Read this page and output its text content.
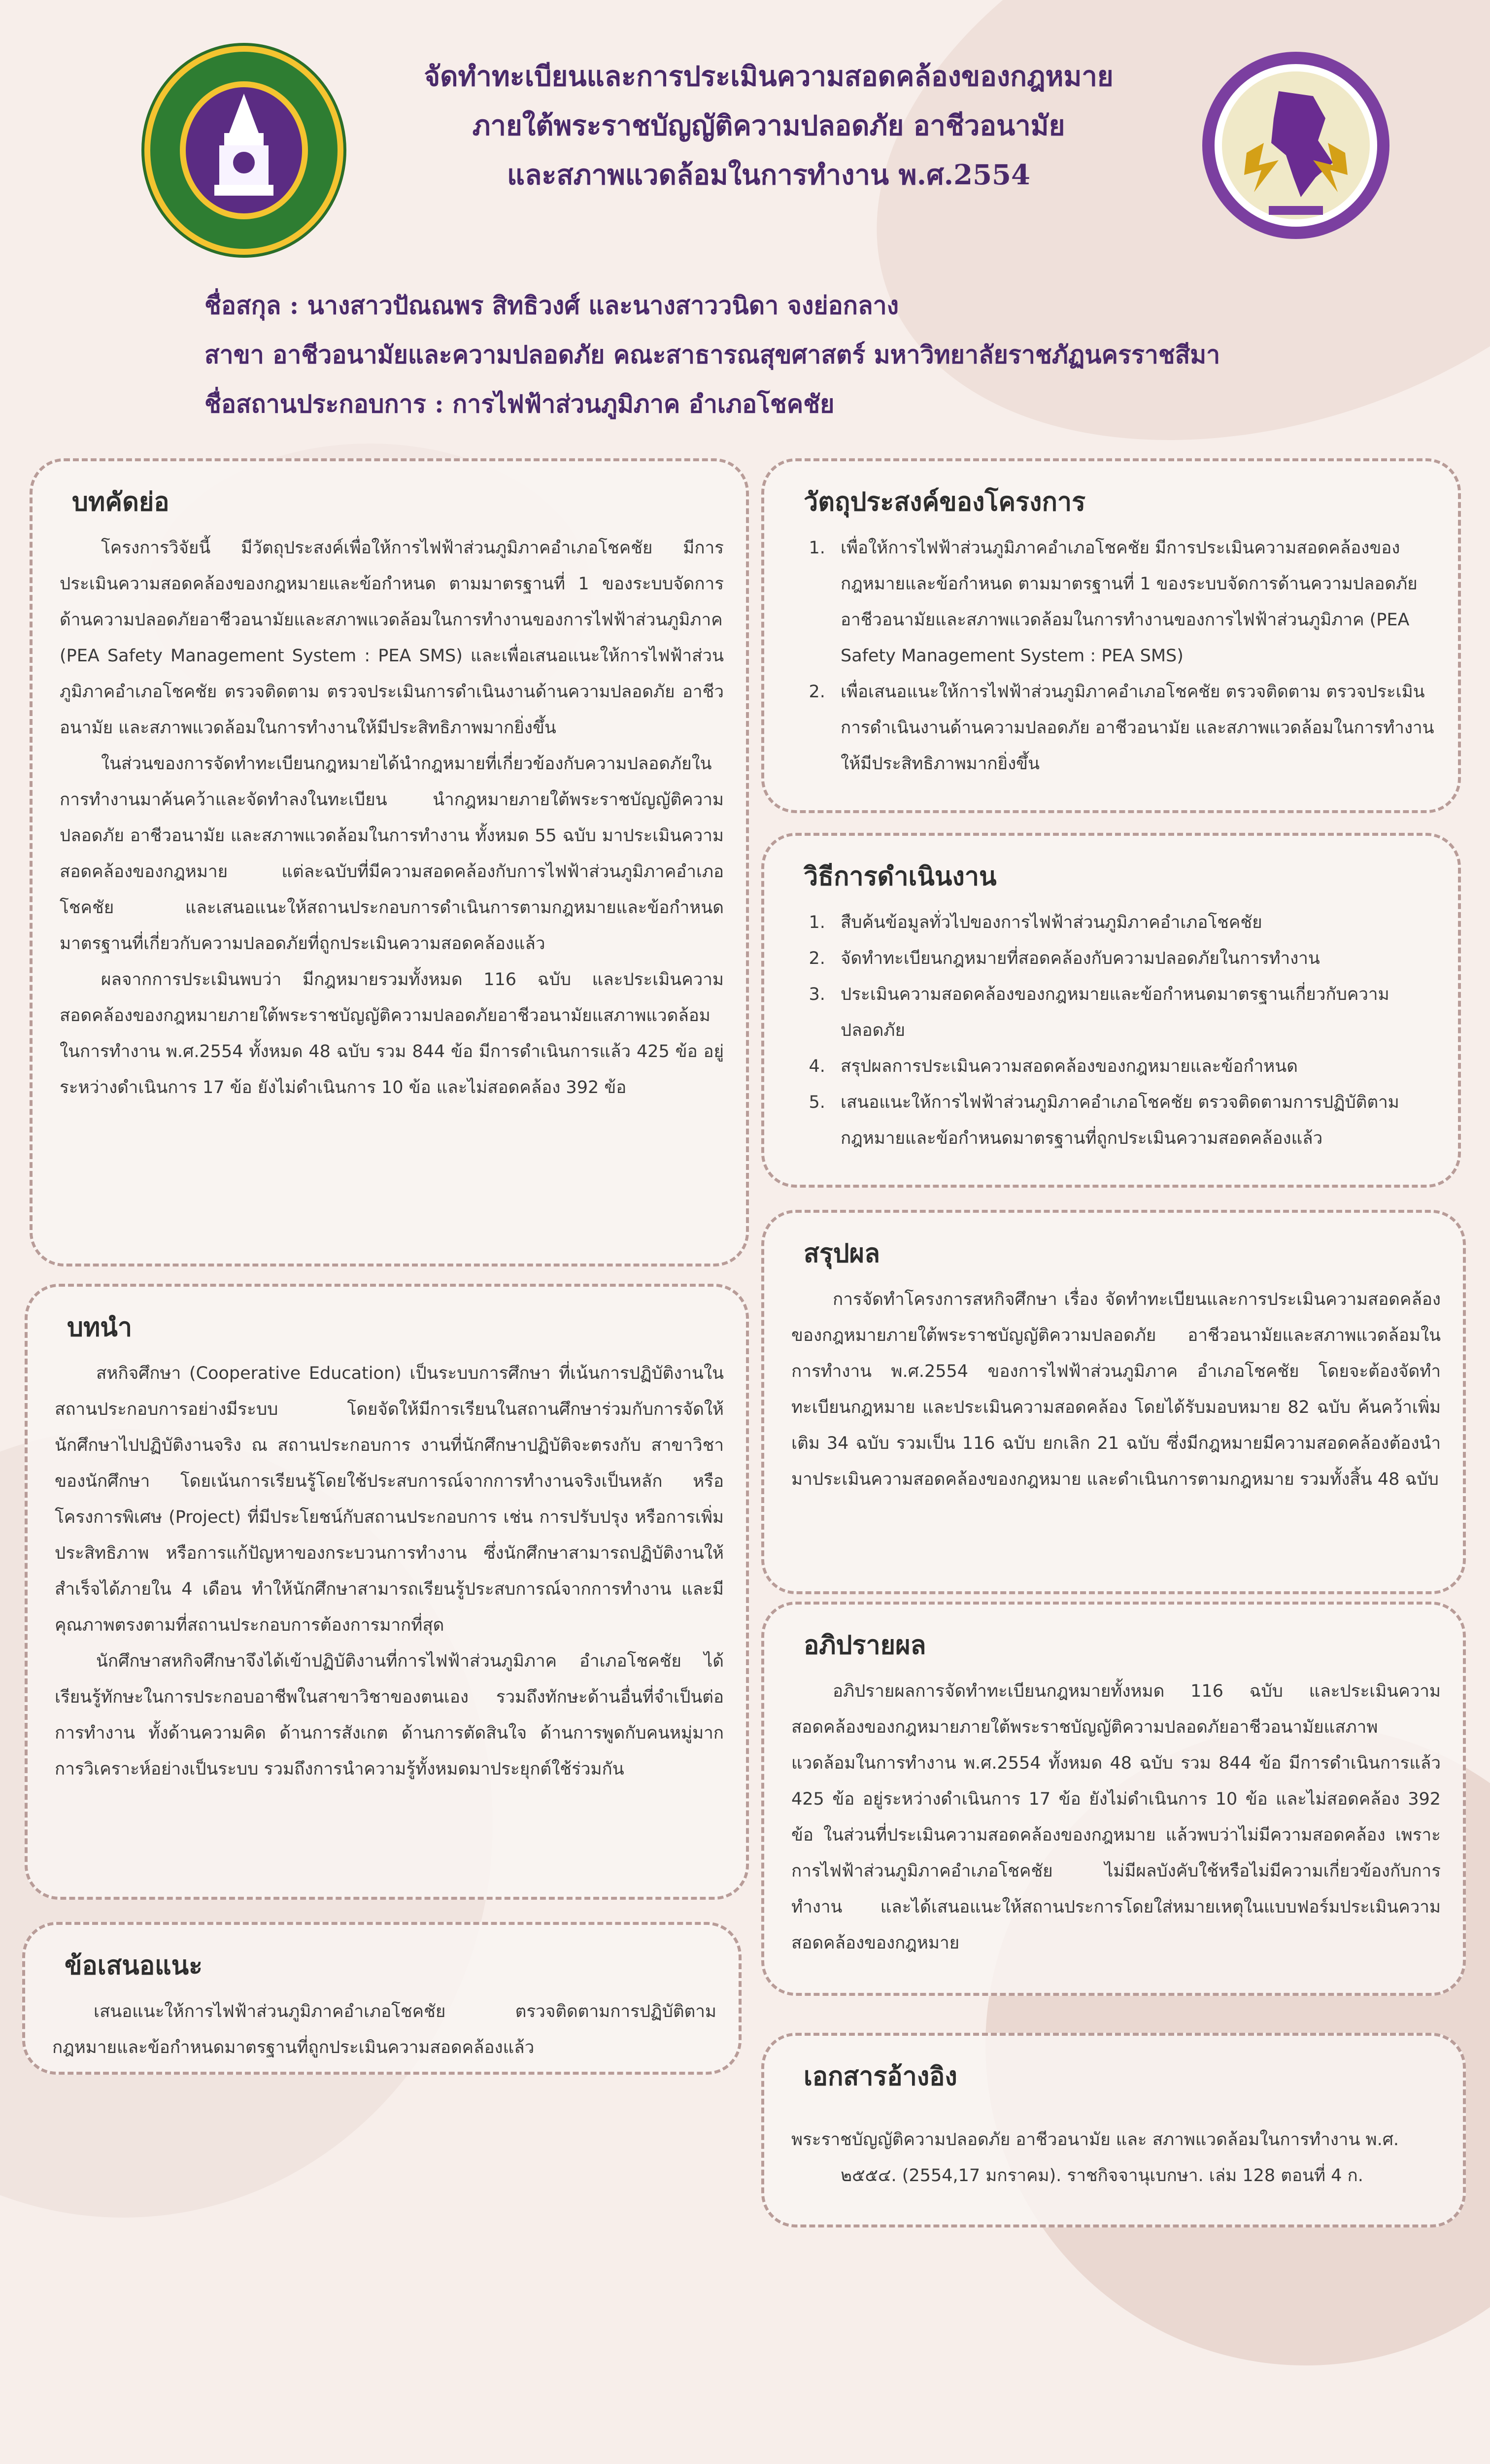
จัดทำทะเบียนและการประเมินความสอดคล้องของกฎหมาย
ภายใต้พระราชบัญญัติความปลอดภัย อาชีวอนามัย
และสภาพแวดล้อมในการทำงาน พ.ศ.2554
ชื่อสกุล : นางสาวปัณณพร สิทธิวงศ์ และนางสาววนิดา จงย่อกลาง
สาขา อาชีวอนามัยและความปลอดภัย คณะสาธารณสุขศาสตร์ มหาวิทยาลัยราชภัฏนครราชสีมา
ชื่อสถานประกอบการ : การไฟฟ้าส่วนภูมิภาค อำเภอโชคชัย
บทคัดย่อ

โครงการวิจัยนี้ มีวัตถุประสงค์เพื่อให้การไฟฟ้าส่วนภูมิภาคอำเภอโชคชัย มีการประเมินความสอดคล้องของกฎหมายและข้อกำหนด ตามมาตรฐานที่ 1 ของระบบจัดการด้านความปลอดภัยอาชีวอนามัยและสภาพแวดล้อมในการทำงานของการไฟฟ้าส่วนภูมิภาค (PEA Safety Management System : PEA SMS) และเพื่อเสนอแนะให้การไฟฟ้าส่วนภูมิภาคอำเภอโชคชัย ตรวจติดตาม ตรวจประเมินการดำเนินงานด้านความปลอดภัย อาชีวอนามัย และสภาพแวดล้อมในการทำงานให้มีประสิทธิภาพมากยิ่งขึ้น

ในส่วนของการจัดทำทะเบียนกฎหมายได้นำกฎหมายที่เกี่ยวข้องกับความปลอดภัยในการทำงานมาค้นคว้าและจัดทำลงในทะเบียน นำกฎหมายภายใต้พระราชบัญญัติความปลอดภัย อาชีวอนามัย และสภาพแวดล้อมในการทำงาน ทั้งหมด 55 ฉบับ มาประเมินความสอดคล้องของกฎหมาย แต่ละฉบับที่มีความสอดคล้องกับการไฟฟ้าส่วนภูมิภาคอำเภอโชคชัย และเสนอแนะให้สถานประกอบการดำเนินการตามกฎหมายและข้อกำหนดมาตรฐานที่เกี่ยวกับความปลอดภัยที่ถูกประเมินความสอดคล้องแล้ว

ผลจากการประเมินพบว่า มีกฎหมายรวมทั้งหมด 116 ฉบับ และประเมินความสอดคล้องของกฎหมายภายใต้พระราชบัญญัติความปลอดภัยอาชีวอนามัยแสภาพแวดล้อมในการทำงาน พ.ศ.2554 ทั้งหมด 48 ฉบับ รวม 844 ข้อ มีการดำเนินการแล้ว 425 ข้อ อยู่ระหว่างดำเนินการ 17 ข้อ ยังไม่ดำเนินการ 10 ข้อ และไม่สอดคล้อง 392 ข้อ

บทนำ

สหกิจศึกษา (Cooperative Education) เป็นระบบการศึกษา ที่เน้นการปฏิบัติงานในสถานประกอบการอย่างมีระบบ โดยจัดให้มีการเรียนในสถานศึกษาร่วมกับการจัดให้ นักศึกษาไปปฏิบัติงานจริง ณ สถานประกอบการ งานที่นักศึกษาปฏิบัติจะตรงกับ สาขาวิชาของนักศึกษา โดยเน้นการเรียนรู้โดยใช้ประสบการณ์จากการทำงานจริงเป็นหลัก หรือ โครงการพิเศษ (Project) ที่มีประโยชน์กับสถานประกอบการ เช่น การปรับปรุง หรือการเพิ่มประสิทธิภาพ หรือการแก้ปัญหาของกระบวนการทำงาน ซึ่งนักศึกษาสามารถปฏิบัติงานให้สำเร็จได้ภายใน 4 เดือน ทำให้นักศึกษาสามารถเรียนรู้ประสบการณ์จากการทำงาน และมีคุณภาพตรงตามที่สถานประกอบการต้องการมากที่สุด

นักศึกษาสหกิจศึกษาจึงได้เข้าปฏิบัติงานที่การไฟฟ้าส่วนภูมิภาค อำเภอโชคชัย ได้เรียนรู้ทักษะในการประกอบอาชีพในสาขาวิชาของตนเอง รวมถึงทักษะด้านอื่นที่จำเป็นต่อการทำงาน ทั้งด้านความคิด ด้านการสังเกต ด้านการตัดสินใจ ด้านการพูดกับคนหมู่มาก การวิเคราะห์อย่างเป็นระบบ รวมถึงการนำความรู้ทั้งหมดมาประยุกต์ใช้ร่วมกัน

ข้อเสนอแนะ

เสนอแนะให้การไฟฟ้าส่วนภูมิภาคอำเภอโชคชัย ตรวจติดตามการปฏิบัติตามกฎหมายและข้อกำหนดมาตรฐานที่ถูกประเมินความสอดคล้องแล้ว

วัตถุประสงค์ของโครงการ
1. เพื่อให้การไฟฟ้าส่วนภูมิภาคอำเภอโชคชัย มีการประเมินความสอดคล้องของกฎหมายและข้อกำหนด ตามมาตรฐานที่ 1 ของระบบจัดการด้านความปลอดภัยอาชีวอนามัยและสภาพแวดล้อมในการทำงานของการไฟฟ้าส่วนภูมิภาค (PEA Safety Management System : PEA SMS)
2. เพื่อเสนอแนะให้การไฟฟ้าส่วนภูมิภาคอำเภอโชคชัย ตรวจติดตาม ตรวจประเมินการดำเนินงานด้านความปลอดภัย อาชีวอนามัย และสภาพแวดล้อมในการทำงานให้มีประสิทธิภาพมากยิ่งขึ้น
วิธีการดำเนินงาน
1. สืบค้นข้อมูลทั่วไปของการไฟฟ้าส่วนภูมิภาคอำเภอโชคชัย
2. จัดทำทะเบียนกฎหมายที่สอดคล้องกับความปลอดภัยในการทำงาน
3. ประเมินความสอดคล้องของกฎหมายและข้อกำหนดมาตรฐานเกี่ยวกับความปลอดภัย
4. สรุปผลการประเมินความสอดคล้องของกฎหมายและข้อกำหนด
5. เสนอแนะให้การไฟฟ้าส่วนภูมิภาคอำเภอโชคชัย ตรวจติดตามการปฏิบัติตามกฎหมายและข้อกำหนดมาตรฐานที่ถูกประเมินความสอดคล้องแล้ว
สรุปผล

การจัดทำโครงการสหกิจศึกษา เรื่อง จัดทำทะเบียนและการประเมินความสอดคล้องของกฎหมายภายใต้พระราชบัญญัติความปลอดภัย อาชีวอนามัยและสภาพแวดล้อมในการทำงาน พ.ศ.2554 ของการไฟฟ้าส่วนภูมิภาค อำเภอโชคชัย โดยจะต้องจัดทำทะเบียนกฎหมาย และประเมินความสอดคล้อง โดยได้รับมอบหมาย 82 ฉบับ ค้นคว้าเพิ่มเติม 34 ฉบับ รวมเป็น 116 ฉบับ ยกเลิก 21 ฉบับ ซึ่งมีกฎหมายมีความสอดคล้องต้องนำมาประเมินความสอดคล้องของกฎหมาย และดำเนินการตามกฎหมาย รวมทั้งสิ้น 48 ฉบับ

อภิปรายผล

อภิปรายผลการจัดทำทะเบียนกฎหมายทั้งหมด 116 ฉบับ และประเมินความสอดคล้องของกฎหมายภายใต้พระราชบัญญัติความปลอดภัยอาชีวอนามัยแสภาพแวดล้อมในการทำงาน พ.ศ.2554 ทั้งหมด 48 ฉบับ รวม 844 ข้อ มีการดำเนินการแล้ว 425 ข้อ อยู่ระหว่างดำเนินการ 17 ข้อ ยังไม่ดำเนินการ 10 ข้อ และไม่สอดคล้อง 392 ข้อ ในส่วนที่ประเมินความสอดคล้องของกฎหมาย แล้วพบว่าไม่มีความสอดคล้อง เพราะ การไฟฟ้าส่วนภูมิภาคอำเภอโชคชัย ไม่มีผลบังคับใช้หรือไม่มีความเกี่ยวข้องกับการทำงาน และได้เสนอแนะให้สถานประการโดยใส่หมายเหตุในแบบฟอร์มประเมินความสอดคล้องของกฎหมาย

เอกสารอ้างอิง

พระราชบัญญัติความปลอดภัย อาชีวอนามัย และ สภาพแวดล้อมในการทำงาน พ.ศ. ๒๕๕๔. (2554,17 มกราคม). ราชกิจจานุเบกษา. เล่ม 128 ตอนที่ 4 ก.
